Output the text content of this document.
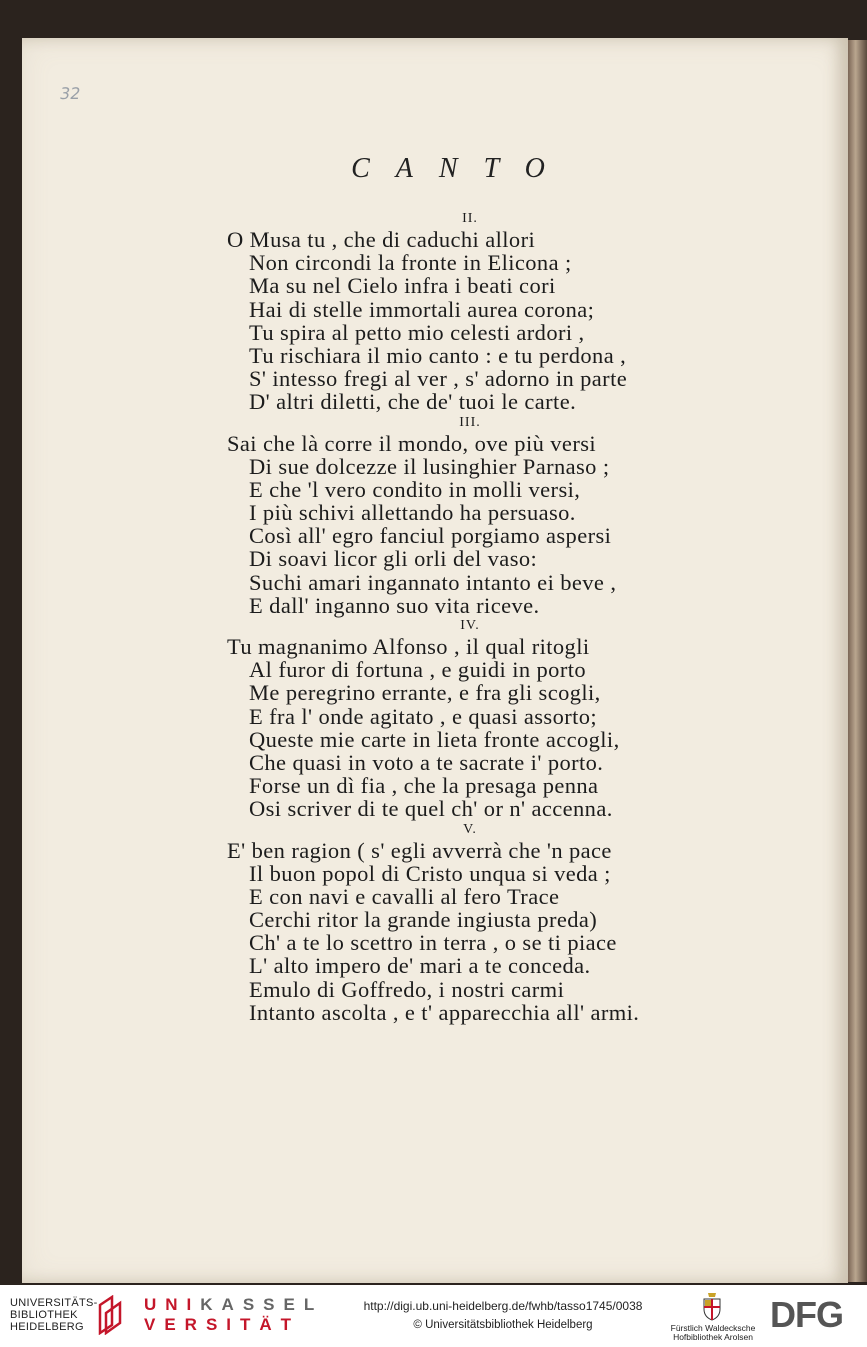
32
CANTO
II.
O Musa tu , che di caduchi allori
Non circondi la fronte in Elicona ;
Ma su nel Cielo infra i beati cori
Hai di stelle immortali aurea corona;
Tu spira al petto mio celesti ardori ,
Tu rischiara il mio canto : e tu perdona ,
S' intesso fregi al ver , s' adorno in parte
D' altri diletti, che de' tuoi le carte.
III.
Sai che là corre il mondo, ove più versi
Di sue dolcezze il lusinghier Parnaso ;
E che 'l vero condito in molli versi,
I più schivi allettando ha persuaso.
Così all' egro fanciul porgiamo aspersi
Di soavi licor gli orli del vaso:
Suchi amari ingannato intanto ei beve ,
E dall' inganno suo vita riceve.
IV.
Tu magnanimo Alfonso , il qual ritogli
Al furor di fortuna , e guidi in porto
Me peregrino errante, e fra gli scogli,
E fra l' onde agitato , e quasi assorto;
Queste mie carte in lieta fronte accogli,
Che quasi in voto a te sacrate i' porto.
Forse un dì fia , che la presaga penna
Osi scriver di te quel ch' or n' accenna.
V.
E' ben ragion ( s' egli avverrà che 'n pace
Il buon popol di Cristo unqua si veda ;
E con navi e cavalli al fero Trace
Cerchi ritor la grande ingiusta preda)
Ch' a te lo scettro in terra , o se ti piace
L' alto impero de' mari a te conceda.
Emulo di Goffredo, i nostri carmi
Intanto ascolta , e t' apparecchia all' armi.
UNIVERSITÄTS-
BIBLIOTHEK
HEIDELBERG
UNIKASSEL
VERSITÄT
http://digi.ub.uni-heidelberg.de/fwhb/tasso1745/0038
© Universitätsbibliothek Heidelberg	Fürstlich Waldecksche
Hofbibliothek Arolsen
DFG
